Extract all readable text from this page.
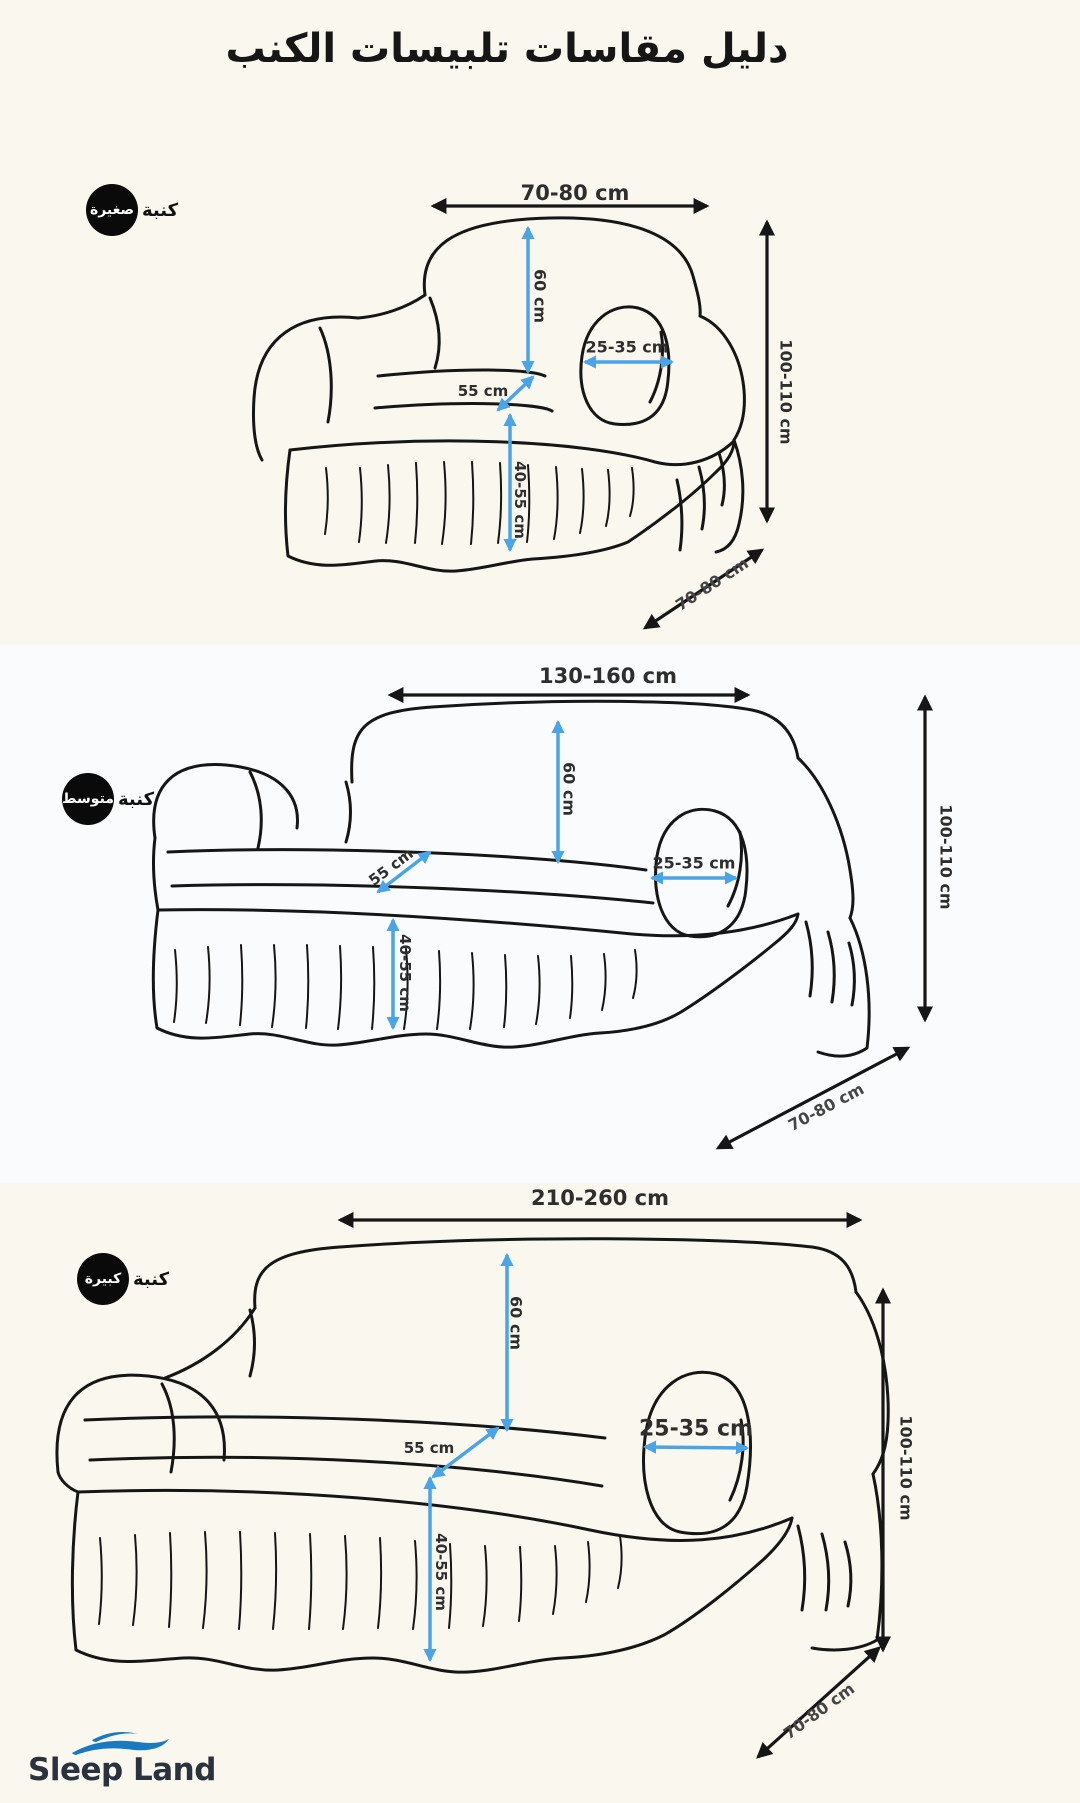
دليل مقاسات تلبيسات الكنب
صغيرة كنبة
70-80 cm
60 cm
25-35 cm
55 cm
40-55 cm
100-110 cm
70-80 cm
متوسط كنبة
130-160 cm
60 cm
55 cm	25-35 cm
40-55 cm
100-110 cm
70-80 cm
كبيرة كنبة
210-260 cm
60 cm
55 cm
25-35 cm
40-55 cm
100-110 cm
70-80 cm
Sleep Land
